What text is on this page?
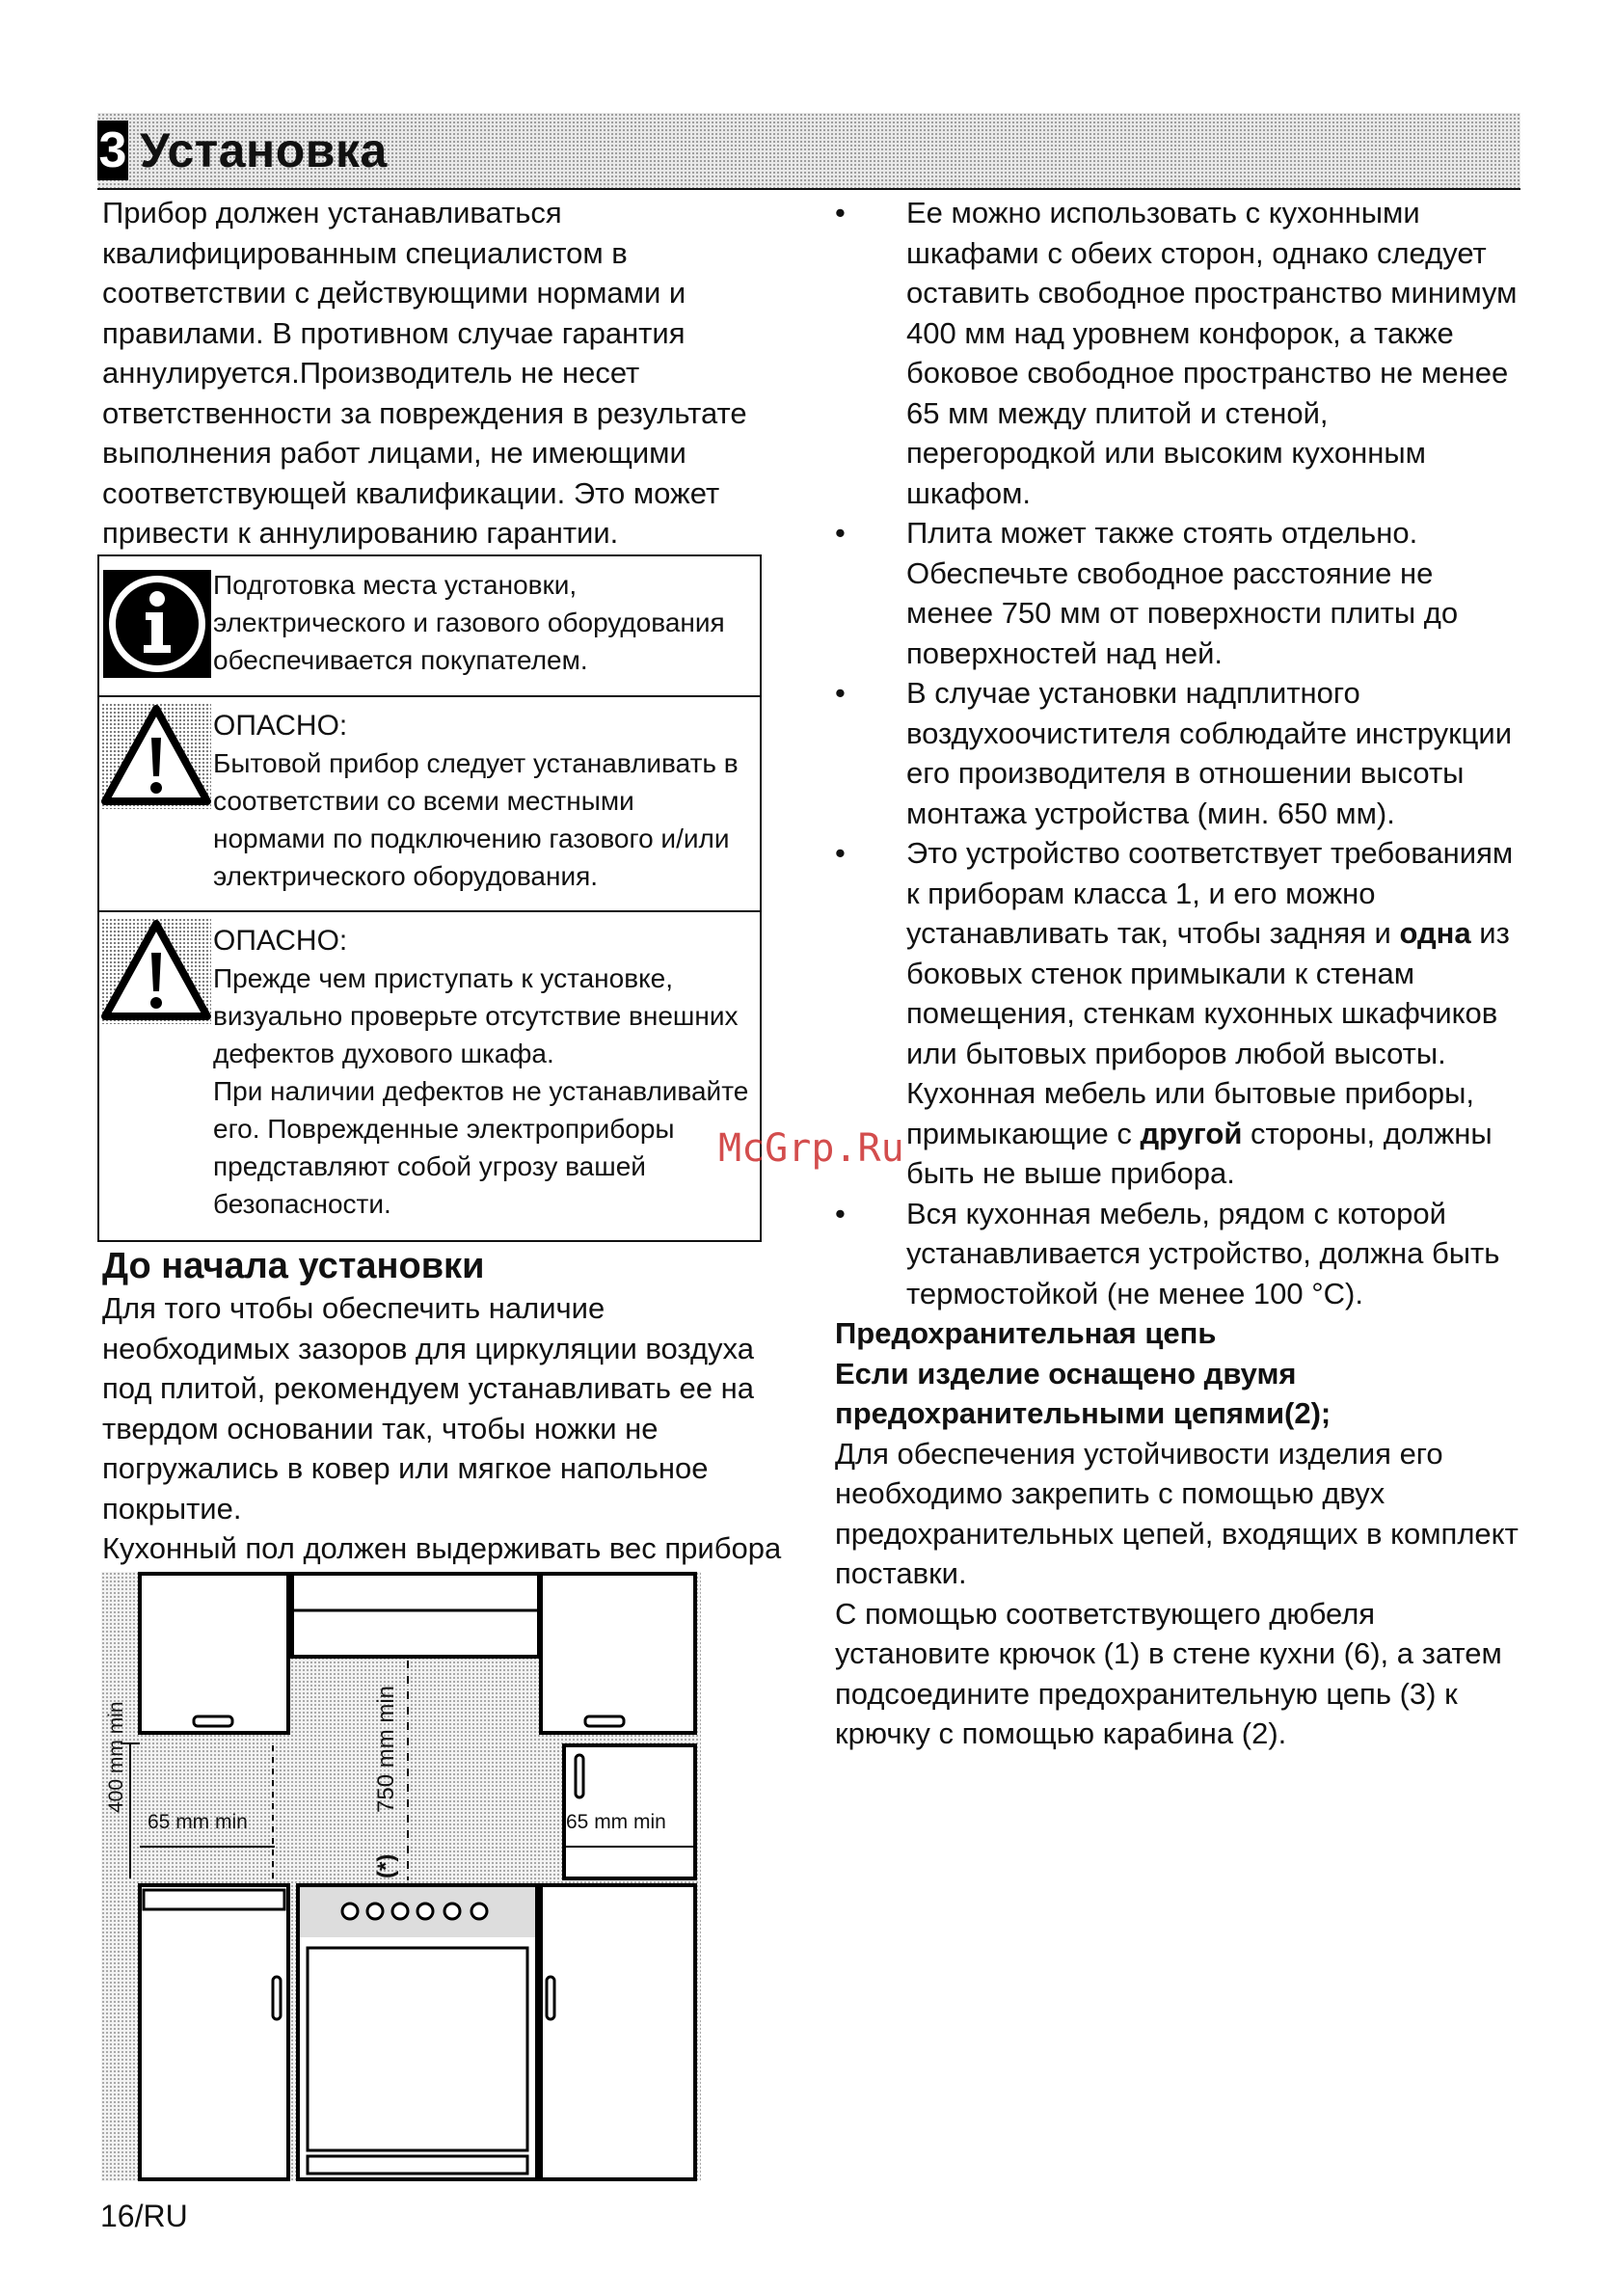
3 Установка

Прибор должен устанавливаться квалифицированным специалистом в соответствии с действующими нормами и правилами. В противном случае гарантия аннулируется.Производитель не несет ответственности за повреждения в результате выполнения работ лицами, не имеющими соответствующей квалификации. Это может привести к аннулированию гарантии.

Подготовка места установки, электрического и газового оборудования обеспечивается покупателем.
ОПАСНО:
Бытовой прибор следует устанавливать в соответствии со всеми местными нормами по подключению газового и/или электрического оборудования.
ОПАСНО:
Прежде чем приступать к установке, визуально проверьте отсутствие внешних дефектов духового шкафа.
При наличии дефектов не устанавливайте его. Поврежденные электроприборы представляют собой угрозу вашей безопасности.
До начала установки

Для того чтобы обеспечить наличие необходимых зазоров для циркуляции воздуха под плитой, рекомендуем устанавливать ее на твердом основании так, чтобы ножки не погружались в ковер или мягкое напольное покрытие.

Кухонный пол должен выдерживать вес прибора

400 mm min
65 mm min	65 mm min
750 mm min
(*)
• Ее можно использовать с кухонными шкафами с обеих сторон, однако следует оставить свободное пространство минимум 400 мм над уровнем конфорок, а также боковое свободное пространство не менее 65 мм между плитой и стеной, перегородкой или высоким кухонным шкафом.
• Плита может также стоять отдельно. Обеспечьте свободное расстояние не менее 750 мм от поверхности плиты до поверхностей над ней.
• В случае установки надплитного воздухоочистителя соблюдайте инструкции его производителя в отношении высоты монтажа устройства (мин. 650 мм).
• Это устройство соответствует требованиям к приборам класса 1, и его можно устанавливать так, чтобы задняя и одна из боковых стенок примыкали к стенам помещения, стенкам кухонных шкафчиков или бытовых приборов любой высоты. Кухонная мебель или бытовые приборы, примыкающие с другой стороны, должны быть не выше прибора.
• Вся кухонная мебель, рядом с которой устанавливается устройство, должна быть термостойкой (не менее 100 °C).
Предохранительная цепь
Если изделие оснащено двумя предохранительными цепями(2);

Для обеспечения устойчивости изделия его необходимо закрепить с помощью двух предохранительных цепей, входящих в комплект поставки.

С помощью соответствующего дюбеля установите крючок (1) в стене кухни (6), а затем подсоедините предохранительную цепь (3) к крючку с помощью карабина (2).

McGrp.Ru
16/RU
